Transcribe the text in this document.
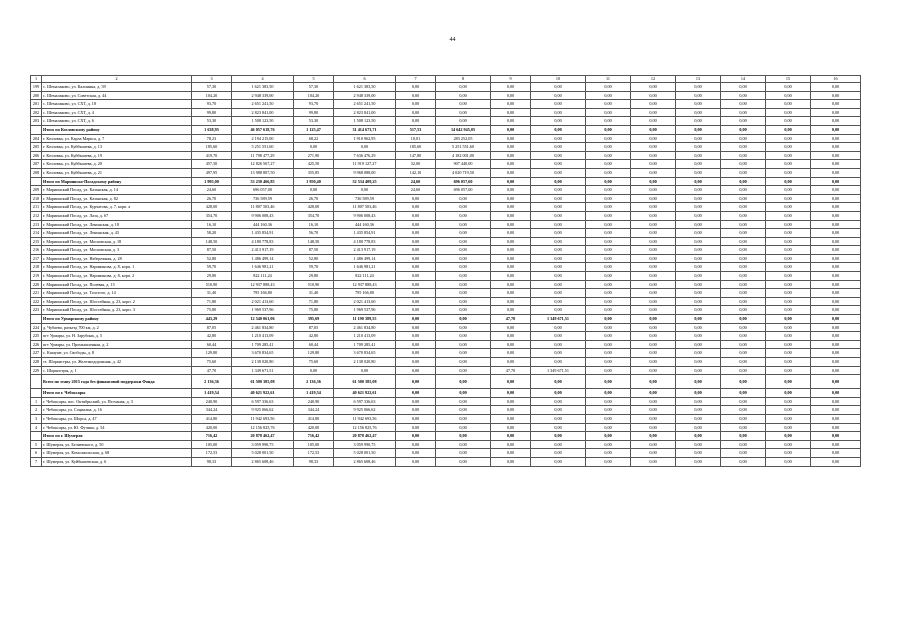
44
1	2	3	4	5	6	7	8	9	10	11	12	13	14	15	16
199	с. Шемалаково, ул. Калинина, д. 39	57,30	1 621 383,50	57,30	1 621 383,50	0,00	0,00	0,00	0,00	0,00	0,00	0,00	0,00	0,00	0,00
200	с. Шемалаково, ул. Советская, д. 44	104,20	2 948 339,00	104,20	2 948 339,00	0,00	0,00	0,00	0,00	0,00	0,00	0,00	0,00	0,00	0,00
201	с. Шемалаково, ул. СХТ, д. 18	93,70	2 651 241,50	93,70	2 651 241,50	0,00	0,00	0,00	0,00	0,00	0,00	0,00	0,00	0,00	0,00
202	с. Шемалаково, ул. СХТ, д. 4	99,80	2 823 841,00	99,80	2 823 841,00	0,00	0,00	0,00	0,00	0,00	0,00	0,00	0,00	0,00	0,00
203	с. Шемалаково, ул. СХТ, д. 6	53,30	1 508 123,50	53,30	1 508 123,50	0,00	0,00	0,00	0,00	0,00	0,00	0,00	0,00	0,00	0,00
	Итого по Козловскому району	1 638,95	46 057 618,76	1 125,47	31 414 673,71	517,53	14 642 945,05	0,00	0,00	0,00	0,00	0,00	0,00	0,00	0,00
204	г. Козловка, ул. Карла Маркса, д. 7	78,23	2 194 215,00	68,22	1 910 962,95	10,01	283 252,05	0,00	0,00	0,00	0,00	0,00	0,00	0,00	0,00
205	г. Козловка, ул. Куйбышева, д. 13	185,60	5 251 551,60	0,00	0,00	185,60	5 251 551,60	0,00	0,00	0,00	0,00	0,00	0,00	0,00	0,00
206	г. Козловка, ул. Куйбышева, д. 19	419,70	11 798 477,29	271,90	7 636 476,29	147,80	4 182 001,00	0,00	0,00	0,00	0,00	0,00	0,00	0,00	0,00
207	г. Козловка, ул. Куйбышева, д. 20	457,50	12 826 567,27	425,50	11 919 127,27	32,00	907 440,00	0,00	0,00	0,00	0,00	0,00	0,00	0,00	0,00
208	г. Козловка, ул. Куйбышева, д. 21	497,95	13 988 807,50	355,85	9 968 088,00	142,10	4 020 719,50	0,00	0,00	0,00	0,00	0,00	0,00	0,00	0,00
	Итого по Мариинско-Посадскому району	1 995,00	53 230 466,85	1 950,40	52 534 409,25	24,60	696 057,60	0,00	0,00	0,00	0,00	0,00	0,00	0,00	0,00
209	г. Мариинский Посад, ул. Казанская, д. 14	24,60	696 057,00	0,00	0,00	24,60	696 057,00	0,00	0,00	0,00	0,00	0,00	0,00	0,00	0,00
210	г. Мариинский Посад, ул. Казанская, д. 82	26,70	736 589,59	26,70	736 589,59	0,00	0,00	0,00	0,00	0,00	0,00	0,00	0,00	0,00	0,00
211	г. Мариинский Посад, ул. Курчатова, д. 7, корп. а	428,00	11 807 503,46	428,00	11 807 503,46	0,00	0,00	0,00	0,00	0,00	0,00	0,00	0,00	0,00	0,00
212	г. Мариинский Посад, ул. Лаза, д. 67	354,70	9 906 008,43	354,70	9 906 008,43	0,00	0,00	0,00	0,00	0,00	0,00	0,00	0,00	0,00	0,00
213	г. Мариинский Посад, ул. Ленинская, д. 18	16,10	444 160,36	16,10	444 160,36	0,00	0,00	0,00	0,00	0,00	0,00	0,00	0,00	0,00	0,00
214	г. Мариинский Посад, ул. Ленинская, д. 43	58,20	1 435 854,91	56,70	1 435 854,91	0,00	0,00	0,00	0,00	0,00	0,00	0,00	0,00	0,00	0,00
215	г. Мариинский Посад, ул. Московская, д. 18	148,50	4 180 778,83	148,50	4 180 778,83	0,00	0,00	0,00	0,00	0,00	0,00	0,00	0,00	0,00	0,00
216	г. Мариинский Посад, ул. Московская, д. 3	87,50	2 413 917,19	87,50	2 413 917,19	0,00	0,00	0,00	0,00	0,00	0,00	0,00	0,00	0,00	0,00
217	г. Мариинский Посад, ул. Набережная, д. 28	52,80	1 486 499,14	52,80	1 486 499,14	0,00	0,00	0,00	0,00	0,00	0,00	0,00	0,00	0,00	0,00
218	г. Мариинский Посад, ул. Нариманова, д. 8, корп. 1	59,70	1 646 981,21	59,70	1 646 981,21	0,00	0,00	0,00	0,00	0,00	0,00	0,00	0,00	0,00	0,00
219	г. Мариинский Посад, ул. Нариманова, д. 8, корп. 2	29,80	822 111,24	29,80	822 111,24	0,00	0,00	0,00	0,00	0,00	0,00	0,00	0,00	0,00	0,00
220	г. Мариинский Посад, ул. Полевая, д. 15	510,90	12 937 888,43	510,90	12 937 888,43	0,00	0,00	0,00	0,00	0,00	0,00	0,00	0,00	0,00	0,00
221	г. Мариинский Посад, ул. Толстого, д. 14	31,40	795 166,80	31,40	795 166,80	0,00	0,00	0,00	0,00	0,00	0,00	0,00	0,00	0,00	0,00
222	г. Мариинский Посад, ул. Шоссейная, д. 23, корп. 2	71,80	2 021 413,60	71,80	2 021 413,60	0,00	0,00	0,00	0,00	0,00	0,00	0,00	0,00	0,00	0,00
223	г. Мариинский Посад, ул. Шоссейная, д. 23, корп. 3	75,80	1 969 537,96	75,80	1 969 537,96	0,00	0,00	0,00	0,00	0,00	0,00	0,00	0,00	0,00	0,00
	Итого по Урмарскому району	443,29	12 540 061,06	395,69	11 190 389,55	0,00	0,00	47,70	1 349 671,51	0,00	0,00	0,00	0,00	0,00	0,00
224	д. Чубаево, разъезд 700 км, д. 2	87,05	2 461 834,80	87,05	2 461 834,80	0,00	0,00	0,00	0,00	0,00	0,00	0,00	0,00	0,00	0,00
225	пгт Урмары, ул. Н. Зарубина, д. 5	42,80	1 210 413,09	42,80	1 210 413,09	0,00	0,00	0,00	0,00	0,00	0,00	0,00	0,00	0,00	0,00
226	пгт Урмары, ул. Промышленная, д. 2	60,44	1 709 285,41	60,44	1 709 285,41	0,00	0,00	0,00	0,00	0,00	0,00	0,00	0,00	0,00	0,00
227	с. Кшаушт, ул. Свободы, д. 8	129,80	3 670 834,65	129,80	3 670 834,65	0,00	0,00	0,00	0,00	0,00	0,00	0,00	0,00	0,00	0,00
228	ст. Шоркистры, ул. Железнодорожная, д. 42	75,60	2 138 020,80	75,60	2 138 020,80	0,00	0,00	0,00	0,00	0,00	0,00	0,00	0,00	0,00	0,00
229	с. Шоркистры, д. 1	47,70	1 349 671,51	0,00	0,00	0,00	0,00	47,70	1 349 671,51	0,00	0,00	0,00	0,00	0,00	0,00
	Всего по этапу 2015 года без финансовой поддержки Фонда	2 136,36	61 500 385,08	2 136,36	61 500 385,08	0,00	0,00	0,00	0,00	0,00	0,00	0,00	0,00	0,00	0,00
	Итого по г. Чебоксары	1 419,54	40 621 922,61	1 419,54	40 621 922,61	0,00	0,00	0,00	0,00	0,00	0,00	0,00	0,00	0,00	0,00
1	г. Чебоксары, пос. Октябрьский, ул. Песчаная, д. 3	240,90	6 597 336,63	240,90	6 597 336,63	0,00	0,00	0,00	0,00	0,00	0,00	0,00	0,00	0,00	0,00
2	г. Чебоксары, ул. Социалиа, д. 16	344,24	9 925 066,62	344,24	9 925 066,62	0,00	0,00	0,00	0,00	0,00	0,00	0,00	0,00	0,00	0,00
3	г. Чебоксары, ул. Шорса, д. 47	414,80	11 942 693,56	414,80	11 942 693,56	0,00	0,00	0,00	0,00	0,00	0,00	0,00	0,00	0,00	0,00
4	г. Чебоксары, ул. Ю. Фучика, д. 54	420,00	12 156 825,76	420,00	12 156 825,76	0,00	0,00	0,00	0,00	0,00	0,00	0,00	0,00	0,00	0,00
	Итого по г. Шумерля	716,42	20 878 462,47	716,42	20 878 462,47	0,00	0,00	0,00	0,00	0,00	0,00	0,00	0,00	0,00	0,00
5	г. Шумерля, ул. Беляевского, д. 50	105,00	3 059 990,75	105,00	3 059 990,75	0,00	0,00	0,00	0,00	0,00	0,00	0,00	0,00	0,00	0,00
6	г. Шумерля, ул. Комсомольская, д. 68	172,53	5 028 001,50	172,53	5 028 001,50	0,00	0,00	0,00	0,00	0,00	0,00	0,00	0,00	0,00	0,00
7	г. Шумерля, ул. Куйбышевская, д. 6	98,33	2 865 608,46	98,33	2 865 608,46	0,00	0,00	0,00	0,00	0,00	0,00	0,00	0,00	0,00	0,00
